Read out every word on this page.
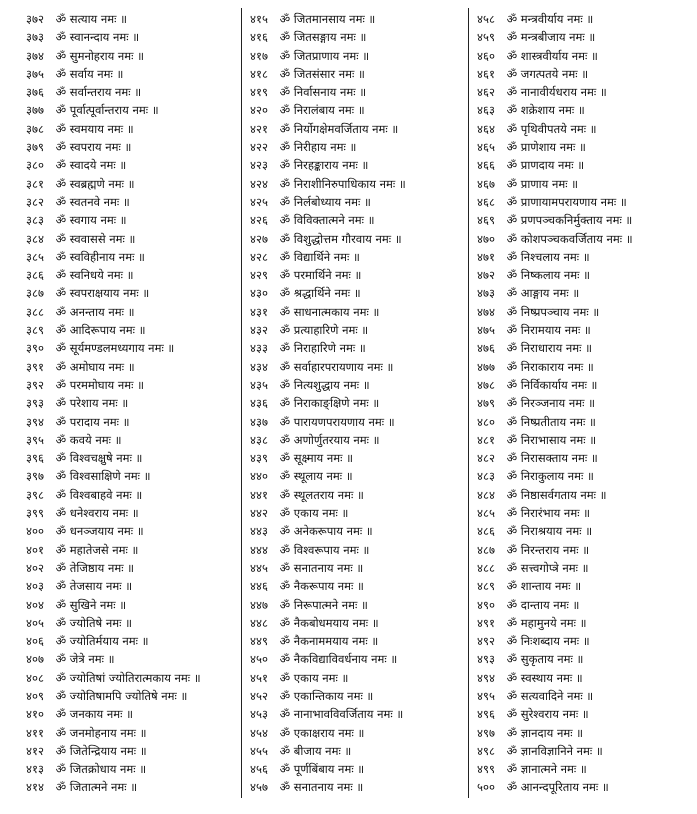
३७२ ॐ सत्याय नमः ॥
३७३ ॐ स्वानन्दाय नमः ॥
३७४ ॐ सुमनोहराय नमः ॥
३७५ ॐ सर्वाय नमः ॥
३७६ ॐ सर्वान्तराय नमः ॥
३७७ ॐ पूर्वात्पूर्वान्तराय नमः ॥
३७८ ॐ स्वमयाय नमः ॥
३७९ ॐ स्वपराय नमः ॥
३८० ॐ स्वादये नमः ॥
३८१ ॐ स्वब्रह्मणे नमः ॥
३८२ ॐ स्वतनवे नमः ॥
३८३ ॐ स्वगाय नमः ॥
३८४ ॐ स्ववाससे नमः ॥
३८५ ॐ स्वविहीनाय नमः ॥
३८६ ॐ स्वनिधये नमः ॥
३८७ ॐ स्वपराक्षयाय नमः ॥
३८८ ॐ अनन्ताय नमः ॥
३८९ ॐ आदिरूपाय नमः ॥
३९० ॐ सूर्यमण्डलमध्यगाय नमः ॥
३९१ ॐ अमोघाय नमः ॥
३९२ ॐ परममोघाय नमः ॥
३९३ ॐ परेशाय नमः ॥
३९४ ॐ परादाय नमः ॥
३९५ ॐ कवये नमः ॥
३९६ ॐ विश्वचक्षुषे नमः ॥
३९७ ॐ विश्वसाक्षिणे नमः ॥
३९८ ॐ विश्वबाहवे नमः ॥
३९९ ॐ धनेश्वराय नमः ॥
४०० ॐ धनञ्जयाय नमः ॥
४०१ ॐ महातेजसे नमः ॥
४०२ ॐ तेजिष्ठाय नमः ॥
४०३ ॐ तेजसाय नमः ॥
४०४ ॐ सुखिने नमः ॥
४०५ ॐ ज्योतिषे नमः ॥
४०६ ॐ ज्योतिर्मयाय नमः ॥
४०७ ॐ जेत्रे नमः ॥
४०८ ॐ ज्योतिषां ज्योतिरात्मकाय नमः ॥
४०९ ॐ ज्योतिषामपि ज्योतिषे नमः ॥
४१० ॐ जनकाय नमः ॥
४११ ॐ जनमोहनाय नमः ॥
४१२ ॐ जितेन्द्रियाय नमः ॥
४१३ ॐ जितक्रोधाय नमः ॥
४१४ ॐ जितात्मने नमः ॥
४१५ ॐ जितमानसाय नमः ॥
४१६ ॐ जितसङ्गाय नमः ॥
४१७ ॐ जितप्राणाय नमः ॥
४१८ ॐ जितसंसार नमः ॥
४१९ ॐ निर्वासनाय नमः ॥
४२० ॐ निरालंबाय नमः ॥
४२१ ॐ निर्योगक्षेमवर्जिताय नमः ॥
४२२ ॐ निरीहाय नमः ॥
४२३ ॐ निरहङ्काराय नमः ॥
४२४ ॐ निराशीनिरुपाधिकाय नमः ॥
४२५ ॐ निर्लबोध्याय नमः ॥
४२६ ॐ विविक्तात्मने नमः ॥
४२७ ॐ विशुद्धोत्तम गौरवाय नमः ॥
४२८ ॐ विद्यार्थिने नमः ॥
४२९ ॐ परमार्थिने नमः ॥
४३० ॐ श्रद्धार्थिने नमः ॥
४३१ ॐ साधनात्मकाय नमः ॥
४३२ ॐ प्रत्याहारिणे नमः ॥
४३३ ॐ निराहारिणे नमः ॥
४३४ ॐ सर्वाहारपरायणाय नमः ॥
४३५ ॐ नित्यशुद्धाय नमः ॥
४३६ ॐ निराकाङ्क्षिणे नमः ॥
४३७ ॐ पारायणपरायणाय नमः ॥
४३८ ॐ अणोर्णुतरयाय नमः ॥
४३९ ॐ सूक्ष्माय नमः ॥
४४० ॐ स्थूलाय नमः ॥
४४१ ॐ स्थूलतराय नमः ॥
४४२ ॐ एकाय नमः ॥
४४३ ॐ अनेकरूपाय नमः ॥
४४४ ॐ विश्वरूपाय नमः ॥
४४५ ॐ सनातनाय नमः ॥
४४६ ॐ नैकरूपाय नमः ॥
४४७ ॐ निरूपात्मने नमः ॥
४४८ ॐ नैकबोधमयाय नमः ॥
४४९ ॐ नैकनाममयाय नमः ॥
४५० ॐ नैकविद्याविवर्धनाय नमः ॥
४५१ ॐ एकाय नमः ॥
४५२ ॐ एकान्तिकाय नमः ॥
४५३ ॐ नानाभावविवर्जिताय नमः ॥
४५४ ॐ एकाक्षराय नमः ॥
४५५ ॐ बीजाय नमः ॥
४५६ ॐ पूर्णबिंबाय नमः ॥
४५७ ॐ सनातनाय नमः ॥
४५८ ॐ मन्त्रवीर्याय नमः ॥
४५९ ॐ मन्त्रबीजाय नमः ॥
४६० ॐ शास्त्रवीर्याय नमः ॥
४६१ ॐ जगत्पतये नमः ॥
४६२ ॐ नानावीर्यधराय नमः ॥
४६३ ॐ शक्रेशाय नमः ॥
४६४ ॐ पृथिवीपतये नमः ॥
४६५ ॐ प्राणेशाय नमः ॥
४६६ ॐ प्राणदाय नमः ॥
४६७ ॐ प्राणाय नमः ॥
४६८ ॐ प्राणायामपरायणाय नमः ॥
४६९ ॐ प्रणपञ्चकनिर्मुक्ताय नमः ॥
४७० ॐ कोशपञ्चकवर्जिताय नमः ॥
४७१ ॐ निश्चलाय नमः ॥
४७२ ॐ निष्कलाय नमः ॥
४७३ ॐ आङ्गाय नमः ॥
४७४ ॐ निष्प्रपञ्चाय नमः ॥
४७५ ॐ निरामयाय नमः ॥
४७६ ॐ निराधाराय नमः ॥
४७७ ॐ निराकाराय नमः ॥
४७८ ॐ निर्विकार्याय नमः ॥
४७९ ॐ निरञ्जनाय नमः ॥
४८० ॐ निष्प्रतीताय नमः ॥
४८१ ॐ निराभासाय नमः ॥
४८२ ॐ निरासक्ताय नमः ॥
४८३ ॐ निराकुलाय नमः ॥
४८४ ॐ निष्ठासर्वगताय नमः ॥
४८५ ॐ निरारंभाय नमः ॥
४८६ ॐ निराश्रयाय नमः ॥
४८७ ॐ निरन्तराय नमः ॥
४८८ ॐ सत्त्वगोप्त्रे नमः ॥
४८९ ॐ शान्ताय नमः ॥
४९० ॐ दान्ताय नमः ॥
४९१ ॐ महामुनये नमः ॥
४९२ ॐ निःशब्दाय नमः ॥
४९३ ॐ सुकृताय नमः ॥
४९४ ॐ स्वस्थाय नमः ॥
४९५ ॐ सत्यवादिने नमः ॥
४९६ ॐ सुरेश्वराय नमः ॥
४९७ ॐ ज्ञानदाय नमः ॥
४९८ ॐ ज्ञानविज्ञानिने नमः ॥
४९९ ॐ ज्ञानात्मने नमः ॥
५०० ॐ आनन्दपूरिताय नमः ॥
